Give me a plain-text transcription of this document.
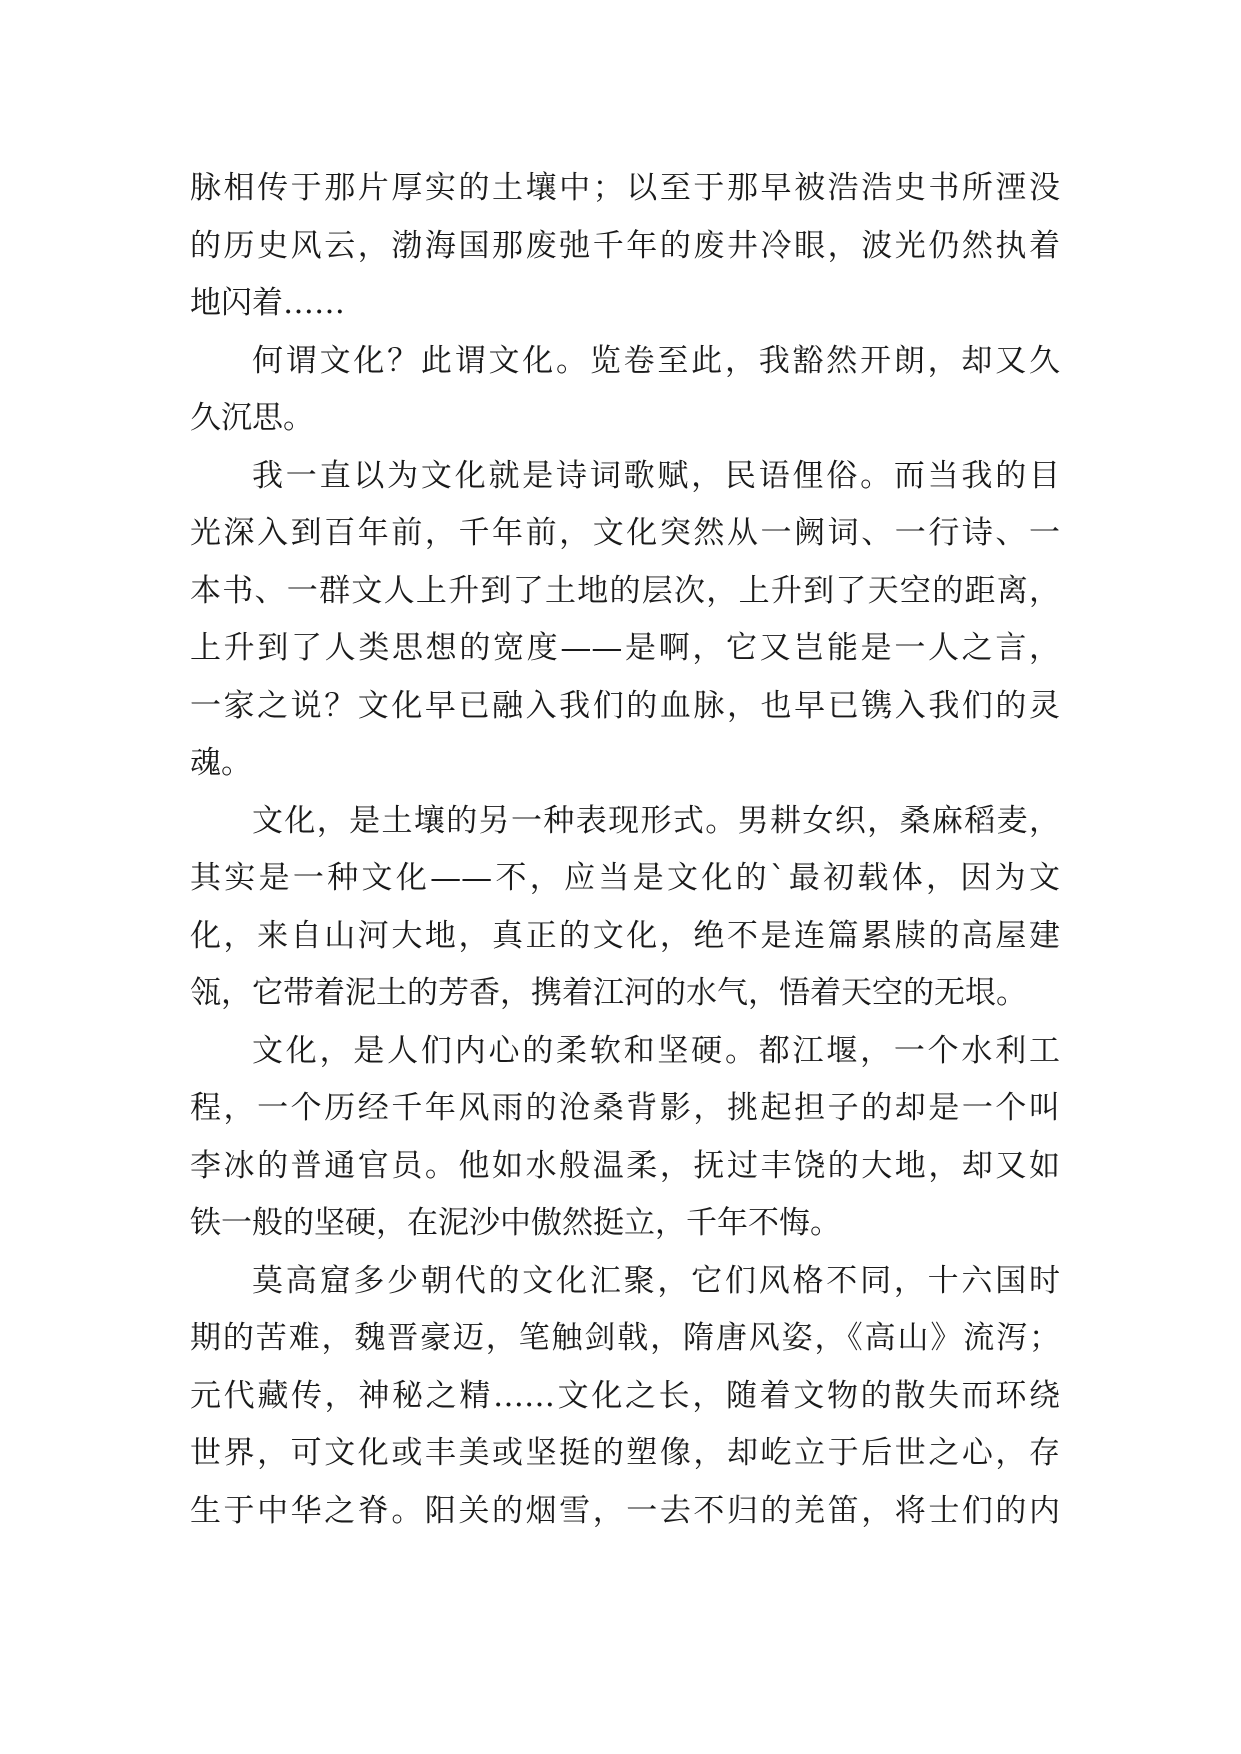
脉相传于那片厚实的土壤中；以至于那早被浩浩史书所湮没
的历史风云，渤海国那废弛千年的废井冷眼，波光仍然执着
地闪着……
何谓文化？此谓文化。览卷至此，我豁然开朗，却又久
久沉思。
我一直以为文化就是诗词歌赋，民语俚俗。而当我的目
光深入到百年前，千年前，文化突然从一阙词、一行诗、一
本书、一群文人上升到了土地的层次，上升到了天空的距离，
上升到了人类思想的宽度——是啊，它又岂能是一人之言，
一家之说？文化早已融入我们的血脉，也早已镌入我们的灵
魂。
文化，是土壤的另一种表现形式。男耕女织，桑麻稻麦，
其实是一种文化——不，应当是文化的`最初载体，因为文
化，来自山河大地，真正的文化，绝不是连篇累牍的高屋建
瓴，它带着泥土的芳香，携着江河的水气，悟着天空的无垠。
文化，是人们内心的柔软和坚硬。都江堰，一个水利工
程，一个历经千年风雨的沧桑背影，挑起担子的却是一个叫
李冰的普通官员。他如水般温柔，抚过丰饶的大地，却又如
铁一般的坚硬，在泥沙中傲然挺立，千年不悔。
莫高窟多少朝代的文化汇聚，它们风格不同，十六国时
期的苦难，魏晋豪迈，笔触剑戟，隋唐风姿，《高山》流泻；
元代藏传，神秘之精……文化之长，随着文物的散失而环绕
世界，可文化或丰美或坚挺的塑像，却屹立于后世之心，存
生于中华之脊。阳关的烟雪，一去不归的羌笛，将士们的内
